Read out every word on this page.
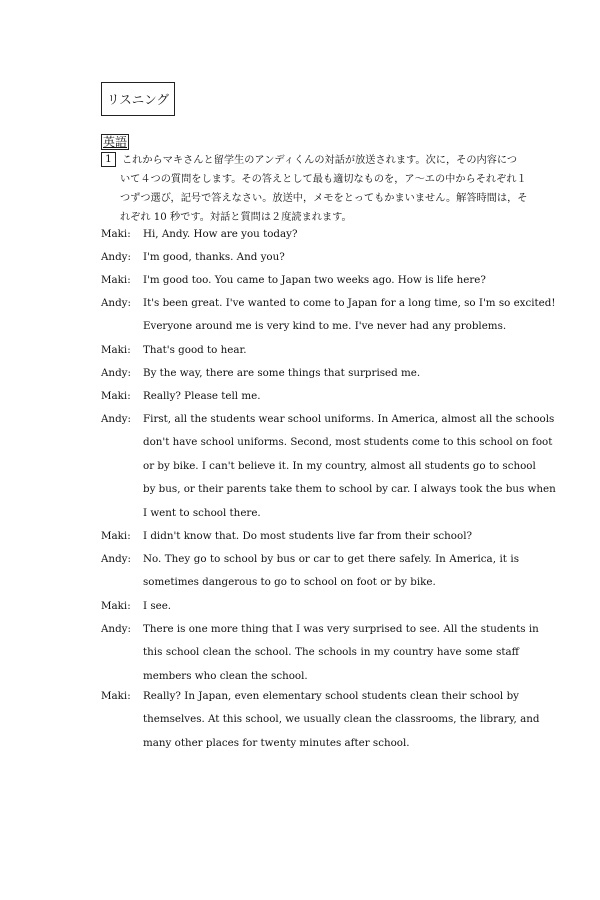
リスニング
英語
1 これからマキさんと留学生のアンディくんの対話が放送されます。次に，その内容につ
いて４つの質問をします。その答えとして最も適切なものを，ア～エの中からそれぞれ１
つずつ選び，記号で答えなさい。放送中，メモをとってもかまいません。解答時間は，そ
れぞれ 10 秒です。対話と質問は２度読まれます。
Maki:	Hi, Andy. How are you today?
Andy:	I'm good, thanks. And you?
Maki:	I'm good too. You came to Japan two weeks ago. How is life here?
Andy:	It's been great. I've wanted to come to Japan for a long time, so I'm so excited!
Everyone around me is very kind to me. I've never had any problems.
Maki:	That's good to hear.
Andy:	By the way, there are some things that surprised me.
Maki:	Really? Please tell me.
Andy:	First, all the students wear school uniforms. In America, almost all the schools
don't have school uniforms. Second, most students come to this school on foot
or by bike. I can't believe it. In my country, almost all students go to school
by bus, or their parents take them to school by car. I always took the bus when
I went to school there.
Maki:	I didn't know that. Do most students live far from their school?
Andy:	No. They go to school by bus or car to get there safely. In America, it is
sometimes dangerous to go to school on foot or by bike.
Maki:	I see.
Andy:	There is one more thing that I was very surprised to see. All the students in
this school clean the school. The schools in my country have some staff
members who clean the school.
Maki:	Really? In Japan, even elementary school students clean their school by
themselves. At this school, we usually clean the classrooms, the library, and
many other places for twenty minutes after school.
